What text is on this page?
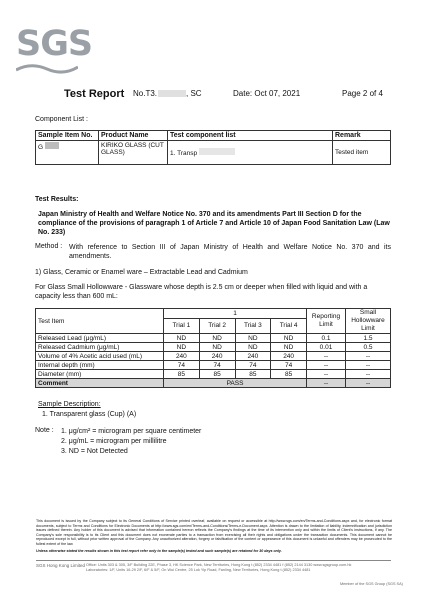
SGS
Test Report No.T3.	, SC	Date: Oct 07, 2021	Page 2 of 4
Component List :
Sample Item No.	Product Name	Test component list	Remark
G	KIRIKO GLASS (CUT GLASS)	1. Transp	Tested item
Test Results:
Japan Ministry of Health and Welfare Notice No. 370 and its amendments Part III Section D for the compliance of the provisions of paragraph 1 of Article 7 and Article 10 of Japan Food Sanitation Law (Law No. 233)
Method : With reference to Section III of Japan Ministry of Health and Welfare Notice No. 370 and its amendments.
1) Glass, Ceramic or Enamel ware – Extractable Lead and Cadmium
For Glass Small Hollowware - Glassware whose depth is 2.5 cm or deeper when filled with liquid and with a capacity less than 600 mL:
Test Item	1				Reporting Limit	Small Hollowware Limit
	Trial 1	Trial 2	Trial 3	Trial 4		
Released Lead (μg/mL)	ND	ND	ND	ND	0.1	1.5
Released Cadmium (μg/mL)	ND	ND	ND	ND	0.01	0.5
Volume of 4% Acetic acid used (mL)	240	240	240	240	--	--
Internal depth (mm)	74	74	74	74	--	--
Diameter (mm)	85	85	85	85	--	--
Comment	PASS				--	--
Sample Description:
1. Transparent glass (Cup) (A)
Note : 1. μg/cm² = microgram per square centimeter
2. μg/mL = microgram per millilitre
3. ND = Not Detected
This document is issued by the Company subject to its General Conditions of Service printed overleaf, available on request or accessible at http://www.sgs.com/en/Terms-and-Conditions.aspx and, for electronic format documents, subject to Terms and Conditions for Electronic Documents at http://www.sgs.com/en/Terms-and-Conditions/Terms-e-Document.aspx. Attention is drawn to the limitation of liability, indemnification and jurisdiction issues defined therein. Any holder of this document is advised that information contained hereon reflects the Company's findings at the time of its intervention only and within the limits of Client's instructions, if any. The Company's sole responsibility is to its Client and this document does not exonerate parties to a transaction from exercising all their rights and obligations under the transaction documents. This document cannot be reproduced except in full, without prior written approval of the Company. Any unauthorized alteration, forgery or falsification of the content or appearance of this document is unlawful and offenders may be prosecuted to the fullest extent of the law.
Unless otherwise stated the results shown in this test report refer only to the sample(s) tested and such sample(s) are retained for 30 days only.
SGS Hong Kong Limited Office: Units 303 & 305, 3/F Building 22E, Phase 3, HK Science Park, New Territories, Hong Kong t (852) 2334 4481 f (852) 2144 3130 www.sgsgroup.com.hk
Laboratories: 1/F, Units 16-29 2/F, 6/F & 5/F, On Wui Centre, 25 Lok Yip Road, Fanling, New Territories, Hong Kong t (852) 2334 4481
Member of the SGS Group (SGS SA)
